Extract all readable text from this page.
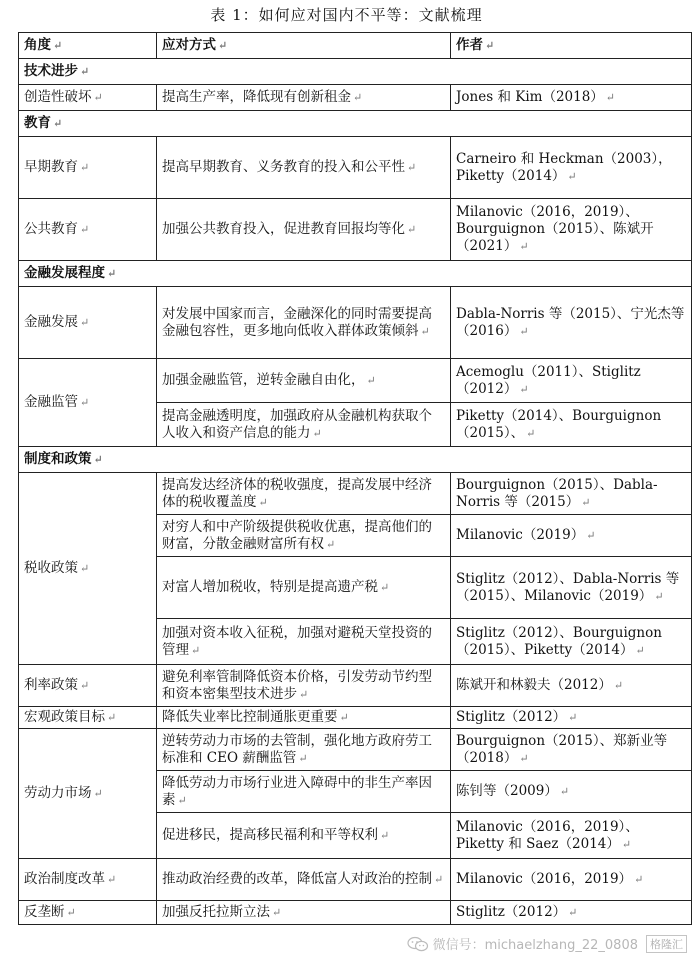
表 1：如何应对国内不平等：文献梳理
角度 ↵	应对方式 ↵	作者 ↵
技术进步 ↵		
创造性破坏 ↵	提高生产率，降低现有创新租金 ↵	Jones 和 Kim（2018） ↵
教育 ↵		
早期教育 ↵	提高早期教育、义务教育的投入和公平性 ↵	Carneiro 和 Heckman（2003），Piketty（2014） ↵
公共教育 ↵	加强公共教育投入，促进教育回报均等化 ↵	Milanovic（2016，2019）、Bourguignon（2015）、陈斌开（2021） ↵
金融发展程度 ↵		
金融发展 ↵	对发展中国家而言，金融深化的同时需要提高金融包容性，更多地向低收入群体政策倾斜 ↵	Dabla-Norris 等（2015）、宁光杰等（2016） ↵
金融监管 ↵	加强金融监管，逆转金融自由化， ↵	Acemoglu（2011）、Stiglitz（2012） ↵
	提高金融透明度，加强政府从金融机构获取个人收入和资产信息的能力 ↵	Piketty（2014）、Bourguignon（2015）、 ↵
制度和政策 ↵		
税收政策 ↵	提高发达经济体的税收强度，提高发展中经济体的税收覆盖度 ↵	Bourguignon（2015）、Dabla-Norris 等（2015） ↵
	对穷人和中产阶级提供税收优惠，提高他们的财富，分散金融财富所有权 ↵	Milanovic（2019） ↵
	对富人增加税收，特别是提高遗产税 ↵	Stiglitz（2012）、Dabla-Norris 等（2015）、Milanovic（2019） ↵
	加强对资本收入征税，加强对避税天堂投资的管理 ↵	Stiglitz（2012）、Bourguignon（2015）、Piketty（2014） ↵
利率政策 ↵	避免利率管制降低资本价格，引发劳动节约型和资本密集型技术进步 ↵	陈斌开和林毅夫（2012） ↵
宏观政策目标 ↵	降低失业率比控制通胀更重要 ↵	Stiglitz（2012） ↵
劳动力市场 ↵	逆转劳动力市场的去管制，强化地方政府劳工标准和 CEO 薪酬监管 ↵	Bourguignon（2015）、郑新业等（2018） ↵
	降低劳动力市场行业进入障碍中的非生产率因素 ↵	陈钊等（2009） ↵
	促进移民，提高移民福利和平等权利 ↵	Milanovic（2016，2019）、Piketty 和 Saez（2014） ↵
政治制度改革 ↵	推动政治经费的改革，降低富人对政治的控制 ↵	Milanovic（2016，2019） ↵
反垄断 ↵	加强反托拉斯立法 ↵	Stiglitz（2012） ↵
微信号：michaelzhang_22_0808	格隆汇
